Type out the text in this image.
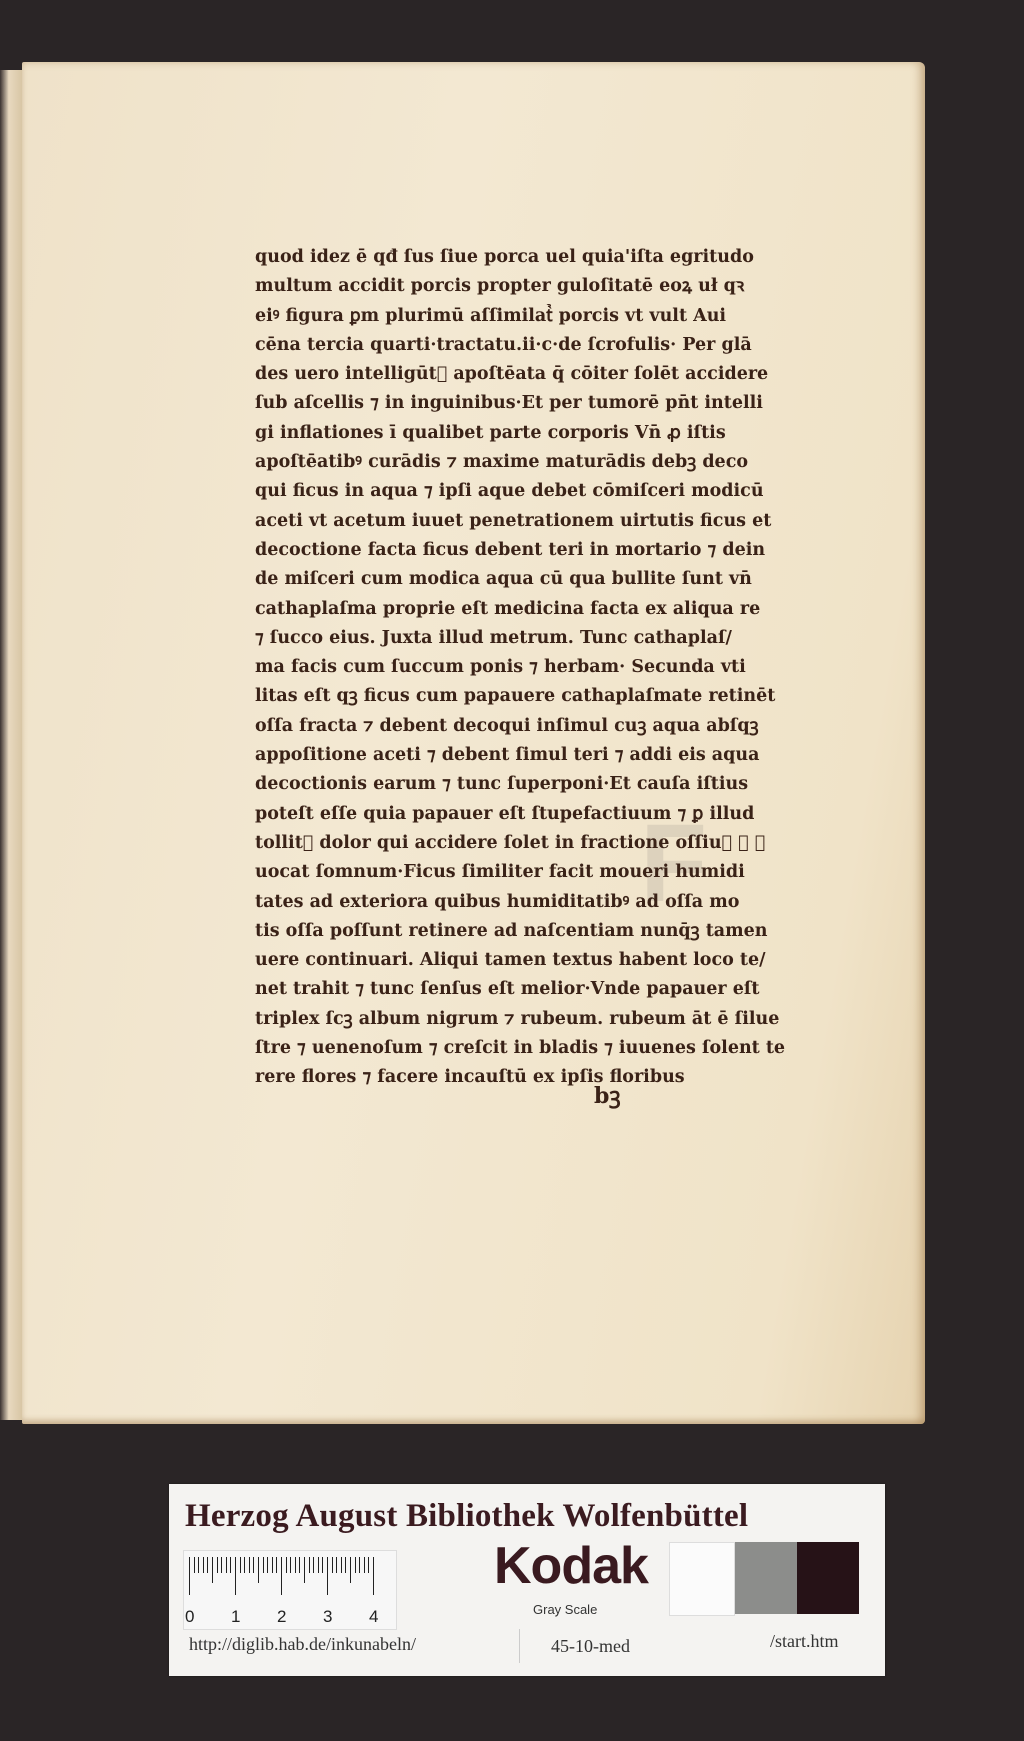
F
quod idez ē qđ ſus ſiue porca uel quia'iſta egritudo
multum accidit porcis propter guloſitatē eoꝝ uł qꝛ
eiꝰ figura ꝑm plurimū aſſimilatᷣ porcis vt vult Aui
cēna tercia quarti·tractatu.ii·c·de ſcrofulis· Per glā
des uero intelligūtᷣ apoſtēata q̄ cōiter ſolēt accidere
ſub aſcellis ⁊ in inguinibus·Et per tumorē pn̄t intelli
gi inflationes ī qualibet parte corporis Vn̄ ꝓ iſtis
apoſtēatibꝰ curādis ⁊ maxime maturādis debꝫ deco
qui ficus in aqua ⁊ ipſi aque debet cōmiſceri modicū
aceti vt acetum iuuet penetrationem uirtutis ficus et
decoctione facta ficus debent teri in mortario ⁊ dein
de miſceri cum modica aqua cū qua bullite ſunt vn̄
cathaplaſma proprie eſt medicina facta ex aliqua re
⁊ ſucco eius. Juxta illud metrum. Tunc cathaplaſ/
ma facis cum ſuccum ponis ⁊ herbam· Secunda vti
litas eſt qꝫ ficus cum papauere cathaplaſmate retinēt
oſſa fracta ⁊ debent decoqui inſimul cuꝫ aqua abſqꝫ
appoſitione aceti ⁊ debent ſimul teri ⁊ addi eis aqua
decoctionis earum ⁊ tunc ſuperponi·Et cauſa iſtius
poteſt eſſe quia papauer eſt ſtupefactiuum ⁊ ꝑ illud
tollitᷣ dolor qui accidere ſolet in fractione oſſiuꝫ ⁊ ꝓ
uocat ſomnum·Ficus ſimiliter facit moueri humidi
tates ad exteriora quibus humiditatibꝰ ad oſſa mo
tis oſſa poſſunt retinere ad naſcentiam nunq̄ꝫ tamen
uere continuari. Aliqui tamen textus habent loco te/
net trahit ⁊ tunc ſenſus eſt melior·Vnde papauer eſt
triplex ſcꝫ album nigrum ⁊ rubeum. rubeum āt ē ſilue
ſtre ⁊ uenenoſum ⁊ creſcit in bladis ⁊ iuuenes ſolent te
rere flores ⁊ facere incauſtū ex ipſis floribus
bꝫ
Herzog August Bibliothek Wolfenbüttel
0 1 2 3 4
Kodak
Gray Scale
http://diglib.hab.de/inkunabeln/	45-10-med	/start.htm
